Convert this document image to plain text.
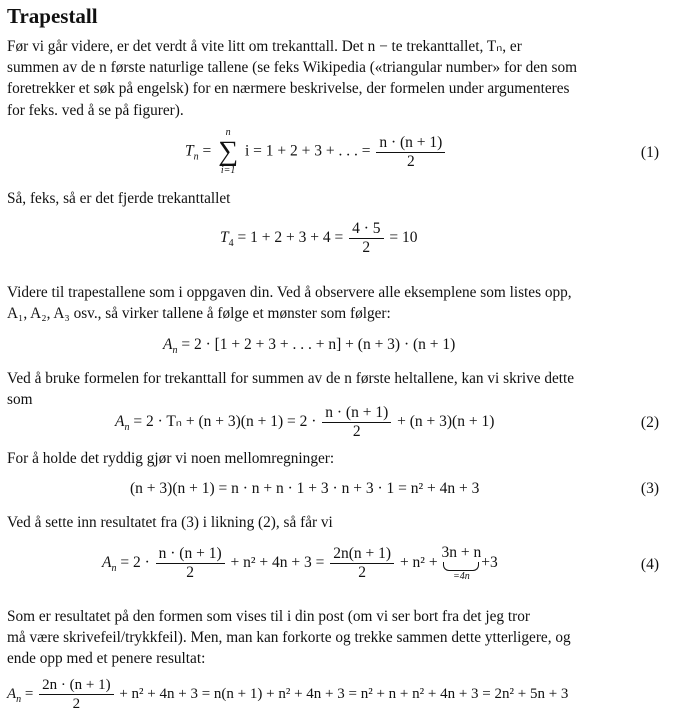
Trapestall
Før vi går videre, er det verdt å vite litt om trekanttall. Det n − te trekanttallet, Tₙ, er
summen av de n første naturlige tallene (se feks Wikipedia («triangular number» for den som
foretrekker et søk på engelsk) for en nærmere beskrivelse, der formelen under argumenteres
for feks. ved å se på figurer).
$T_n$ =
n
∑
i=1
i = 1 + 2 + 3 + . . . = $\frac{n \cdot (n + 1)}{2}$	(1)
Så, feks, så er det fjerde trekanttallet
$T_4 = 1 + 2 + 3 + 4 = \frac{4 \cdot 5}{2} = 10$
Videre til trapestallene som i oppgaven din. Ved å observere alle eksemplene som listes opp,
A₁, A₂, A₃ osv., så virker tallene å følge et mønster som følger:
$A_n = 2 \cdot [1 + 2 + 3$ + . . . + n] + (n + 3) · (n + 1)
Ved å bruke formelen for trekanttall for summen av de n første heltallene, kan vi skrive dette
som
$A_n = 2 \cdot T_n + (n + 3)(n + 1) = 2 \cdot \frac{n \cdot (n + 1)}{2} + (n + 3)(n + 1)$	(2)
For å holde det ryddig gjør vi noen mellomregninger:
(n + 3)(n + 1) = n · n + n · 1 + 3 · n + 3 · 1 = n² + 4n + 3	(3)
Ved å sette inn resultatet fra (3) i likning (2), så får vi
$A_n = 2 \cdot \frac{n \cdot (n + 1)}{2} + n^2 + 4n + 3 = \frac{2n(n + 1)}{2} + n^2 + 3n + n$
=4n
+3	(4)
Som er resultatet på den formen som vises til i din post (om vi ser bort fra det jeg tror
må være skrivefeil/trykkfeil). Men, man kan forkorte og trekke sammen dette ytterligere, og
ende opp med et penere resultat:
$A_n = \frac{2n \cdot (n + 1)}{2} + n^2 + 4n + 3 = n(n + 1) + n^2 + 4n + 3 = n^2 + n + n^2 + 4n + 3 = 2n^2 + 5n + 3$
